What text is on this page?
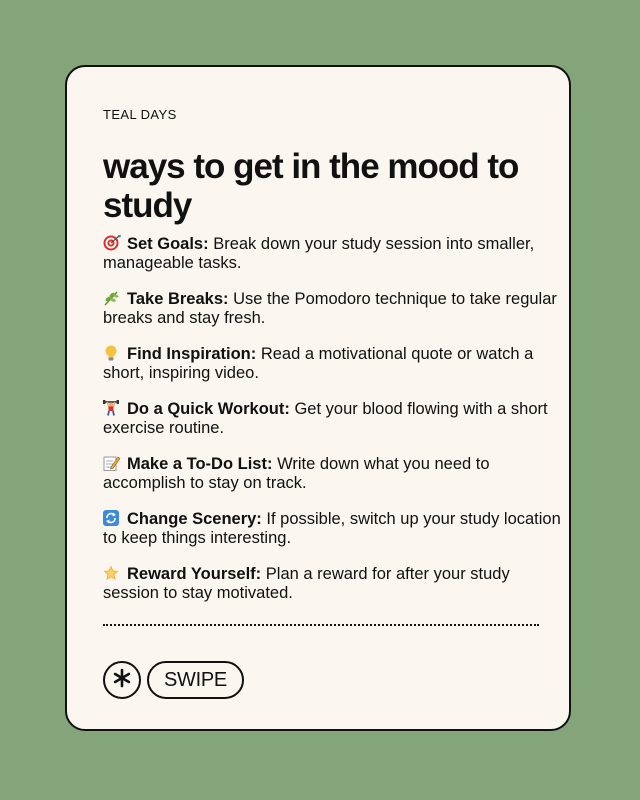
TEAL DAYS
ways to get in the mood to study
Set Goals: Break down your study session into smaller, manageable tasks.
Take Breaks: Use the Pomodoro technique to take regular breaks and stay fresh.
Find Inspiration: Read a motivational quote or watch a short, inspiring video.
Do a Quick Workout: Get your blood flowing with a short exercise routine.
Make a To-Do List: Write down what you need to accomplish to stay on track.
Change Scenery: If possible, switch up your study location to keep things interesting.
Reward Yourself: Plan a reward for after your study session to stay motivated.
SWIPE
